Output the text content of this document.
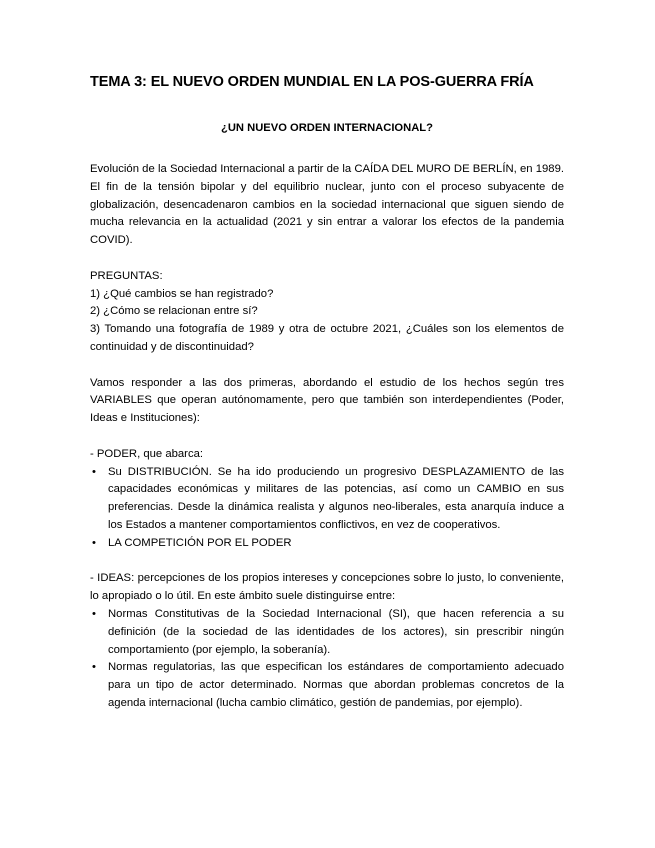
TEMA 3: EL NUEVO ORDEN MUNDIAL EN LA POS-GUERRA FRÍA
¿UN NUEVO ORDEN INTERNACIONAL?

Evolución de la Sociedad Internacional a partir de la CAÍDA DEL MURO DE BERLÍN, en 1989. El fin de la tensión bipolar y del equilibrio nuclear, junto con el proceso subyacente de globalización, desencadenaron cambios en la sociedad internacional que siguen siendo de mucha relevancia en la actualidad (2021 y sin entrar a valorar los efectos de la pandemia COVID).

PREGUNTAS:

1) ¿Qué cambios se han registrado?

2) ¿Cómo se relacionan entre sí?

3) Tomando una fotografía de 1989 y otra de octubre 2021, ¿Cuáles son los elementos de continuidad y de discontinuidad?

Vamos responder a las dos primeras, abordando el estudio de los hechos según tres VARIABLES que operan autónomamente, pero que también son interdependientes (Poder, Ideas e Instituciones):

- PODER, que abarca:

• Su DISTRIBUCIÓN. Se ha ido produciendo un progresivo DESPLAZAMIENTO de las capacidades económicas y militares de las potencias, así como un CAMBIO en sus preferencias. Desde la dinámica realista y algunos neo-liberales, esta anarquía induce a los Estados a mantener comportamientos conflictivos, en vez de cooperativos.
• LA COMPETICIÓN POR EL PODER

- IDEAS: percepciones de los propios intereses y concepciones sobre lo justo, lo conveniente, lo apropiado o lo útil. En este ámbito suele distinguirse entre:

• Normas Constitutivas de la Sociedad Internacional (SI), que hacen referencia a su definición (de la sociedad de las identidades de los actores), sin prescribir ningún comportamiento (por ejemplo, la soberanía).
• Normas regulatorias, las que especifican los estándares de comportamiento adecuado para un tipo de actor determinado. Normas que abordan problemas concretos de la agenda internacional (lucha cambio climático, gestión de pandemias, por ejemplo).
